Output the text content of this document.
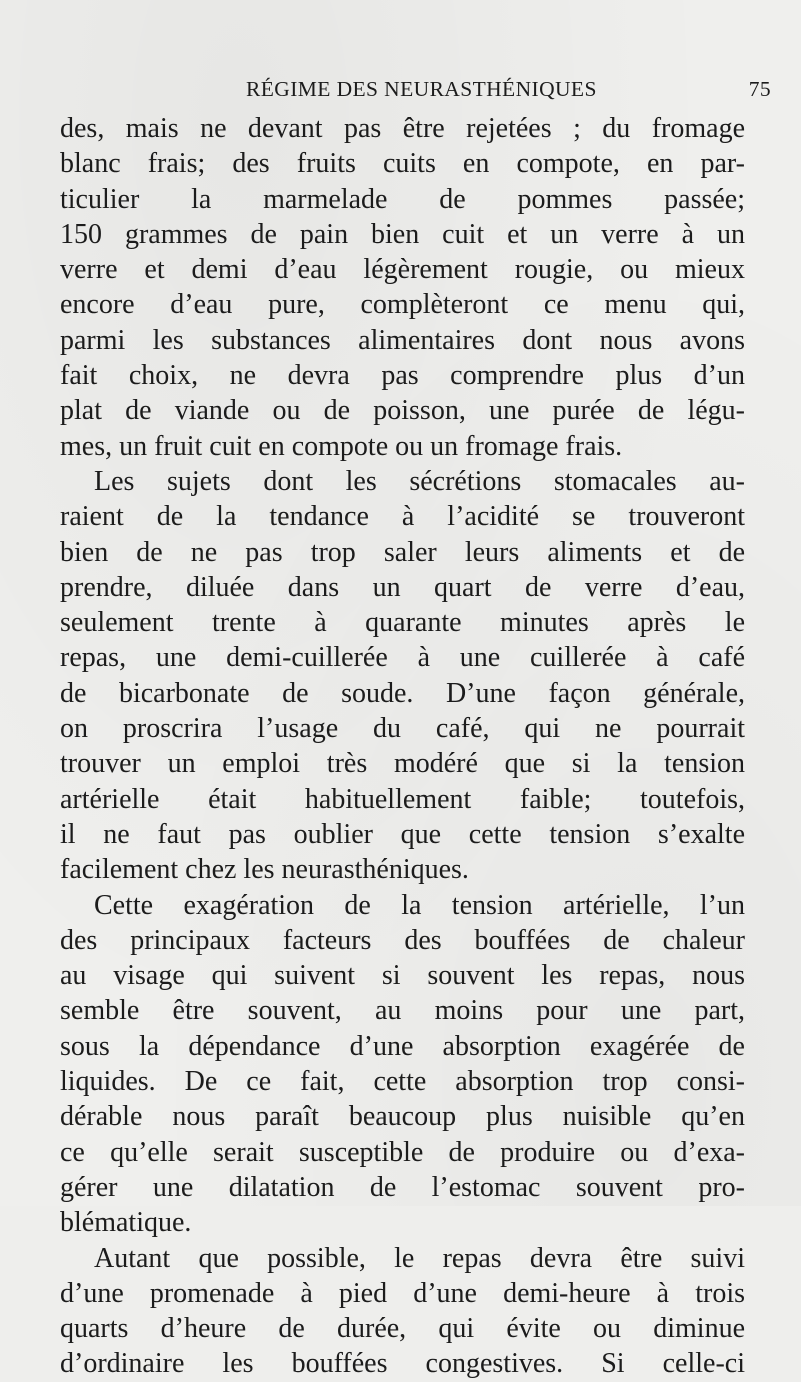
RÉGIME DES NEURASTHÉNIQUES	75
des, mais ne devant pas être rejetées ; du fromage
blanc frais; des fruits cuits en compote, en par-
ticulier la marmelade de pommes passée;
150 grammes de pain bien cuit et un verre à un
verre et demi d’eau légèrement rougie, ou mieux
encore d’eau pure, complèteront ce menu qui,
parmi les substances alimentaires dont nous avons
fait choix, ne devra pas comprendre plus d’un
plat de viande ou de poisson, une purée de légu-
mes, un fruit cuit en compote ou un fromage frais.
Les sujets dont les sécrétions stomacales au-
raient de la tendance à l’acidité se trouveront
bien de ne pas trop saler leurs aliments et de
prendre, diluée dans un quart de verre d’eau,
seulement trente à quarante minutes après le
repas, une demi-cuillerée à une cuillerée à café
de bicarbonate de soude. D’une façon générale,
on proscrira l’usage du café, qui ne pourrait
trouver un emploi très modéré que si la tension
artérielle était habituellement faible; toutefois,
il ne faut pas oublier que cette tension s’exalte
facilement chez les neurasthéniques.
Cette exagération de la tension artérielle, l’un
des principaux facteurs des bouffées de chaleur
au visage qui suivent si souvent les repas, nous
semble être souvent, au moins pour une part,
sous la dépendance d’une absorption exagérée de
liquides. De ce fait, cette absorption trop consi-
dérable nous paraît beaucoup plus nuisible qu’en
ce qu’elle serait susceptible de produire ou d’exa-
gérer une dilatation de l’estomac souvent pro-
blématique.
Autant que possible, le repas devra être suivi
d’une promenade à pied d’une demi-heure à trois
quarts d’heure de durée, qui évite ou diminue
d’ordinaire les bouffées congestives. Si celle-ci
